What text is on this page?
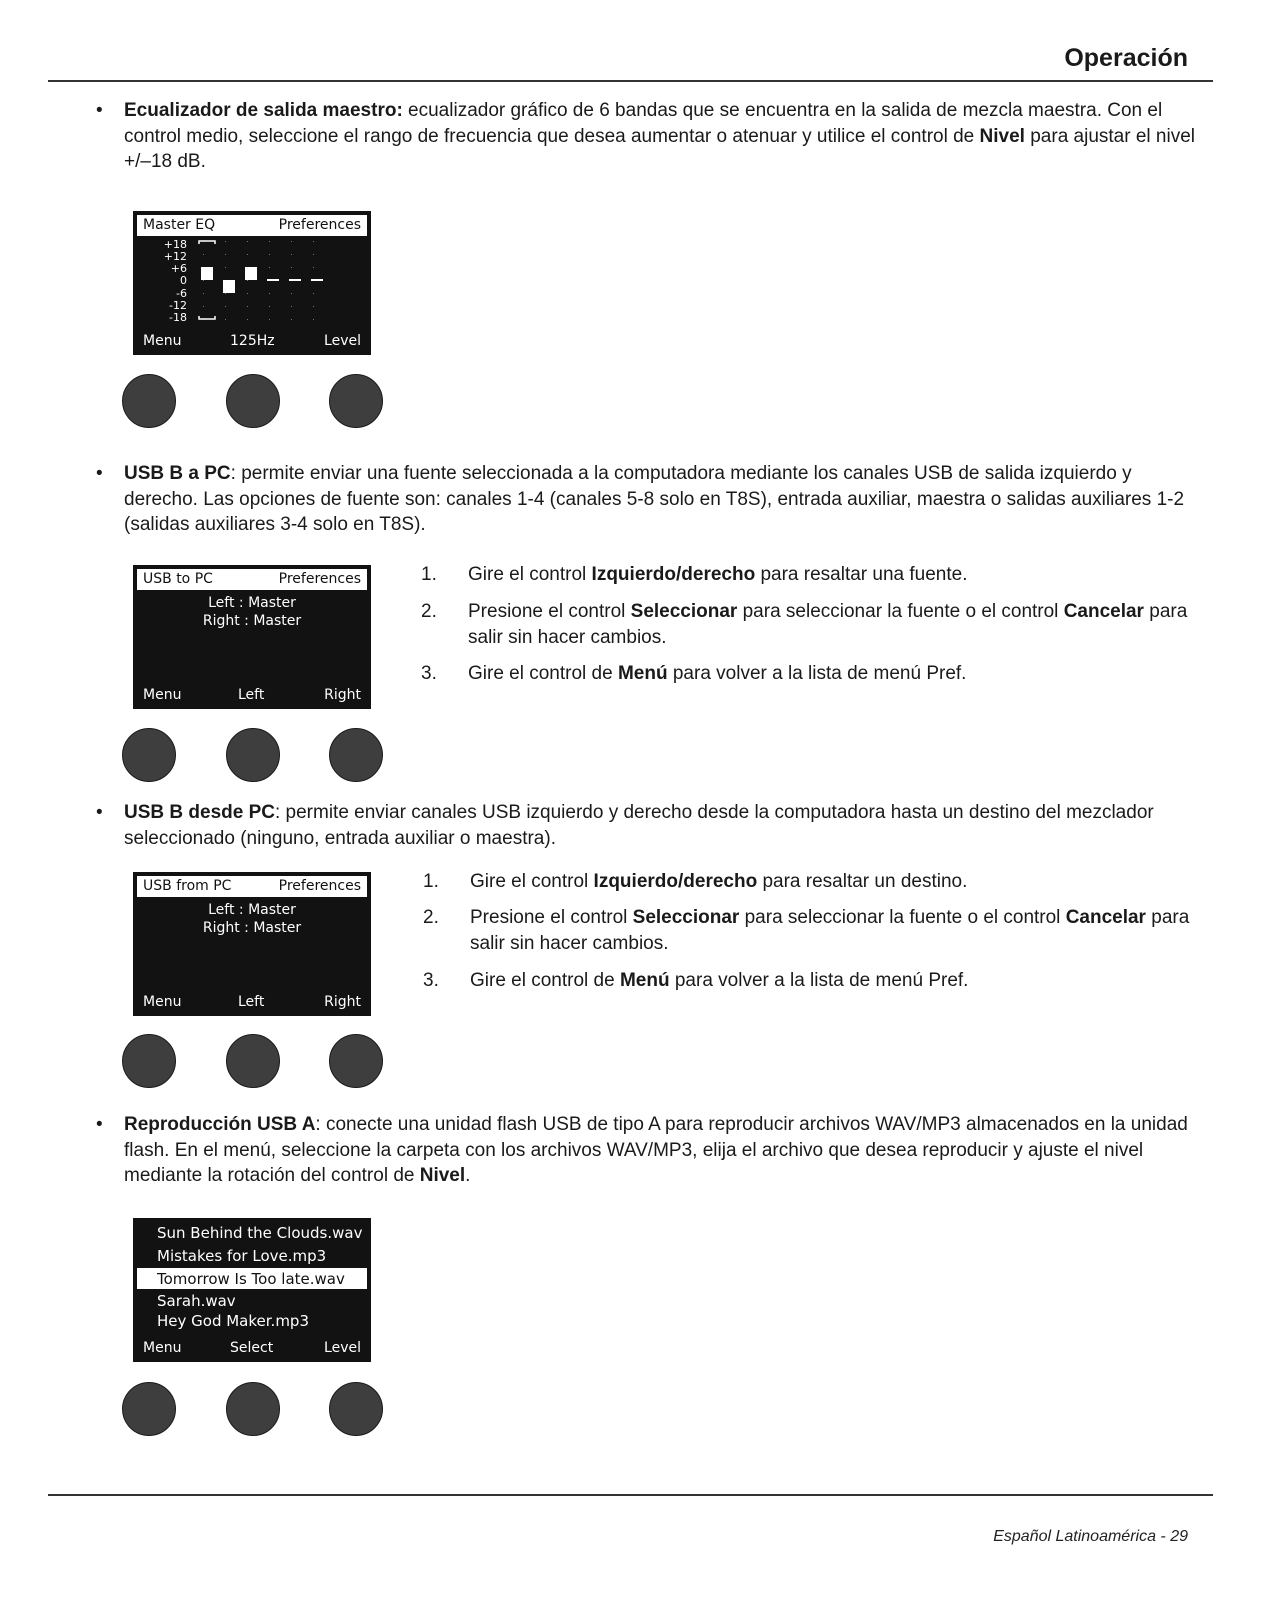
Operación
• Ecualizador de salida maestro: ecualizador gráfico de 6 bandas que se encuentra en la salida de mezcla maestra. Con el control medio, seleccione el rango de frecuencia que desea aumentar o atenuar y utilice el control de Nivel para ajustar el nivel +/–18 dB.
Master EQ	Preferences
+18
+12
+6
0
-6
-12
-18
Menu	125Hz	Level
• USB B a PC: permite enviar una fuente seleccionada a la computadora mediante los canales USB de salida izquierdo y derecho. Las opciones de fuente son: canales 1-4 (canales 5-8 solo en T8S), entrada auxiliar, maestra o salidas auxiliares 1-2 (salidas auxiliares 3-4 solo en T8S).
USB to PC	Preferences
Left : Master
Right : Master
Menu	Left	Right
1. Gire el control Izquierdo/derecho para resaltar una fuente.
2. Presione el control Seleccionar para seleccionar la fuente o el control Cancelar para salir sin hacer cambios.
3. Gire el control de Menú para volver a la lista de menú Pref.
• USB B desde PC: permite enviar canales USB izquierdo y derecho desde la computadora hasta un destino del mezclador seleccionado (ninguno, entrada auxiliar o maestra).
USB from PC	Preferences
Left : Master
Right : Master
Menu	Left	Right
1. Gire el control Izquierdo/derecho para resaltar un destino.
2. Presione el control Seleccionar para seleccionar la fuente o el control Cancelar para salir sin hacer cambios.
3. Gire el control de Menú para volver a la lista de menú Pref.
• Reproducción USB A: conecte una unidad flash USB de tipo A para reproducir archivos WAV/MP3 almacenados en la unidad flash. En el menú, seleccione la carpeta con los archivos WAV/MP3, elija el archivo que desea reproducir y ajuste el nivel mediante la rotación del control de Nivel.
Sun Behind the Clouds.wav
Mistakes for Love.mp3
Tomorrow Is Too late.wav
Sarah.wav
Hey God Maker.mp3
Menu	Select	Level
Español Latinoamérica - 29
